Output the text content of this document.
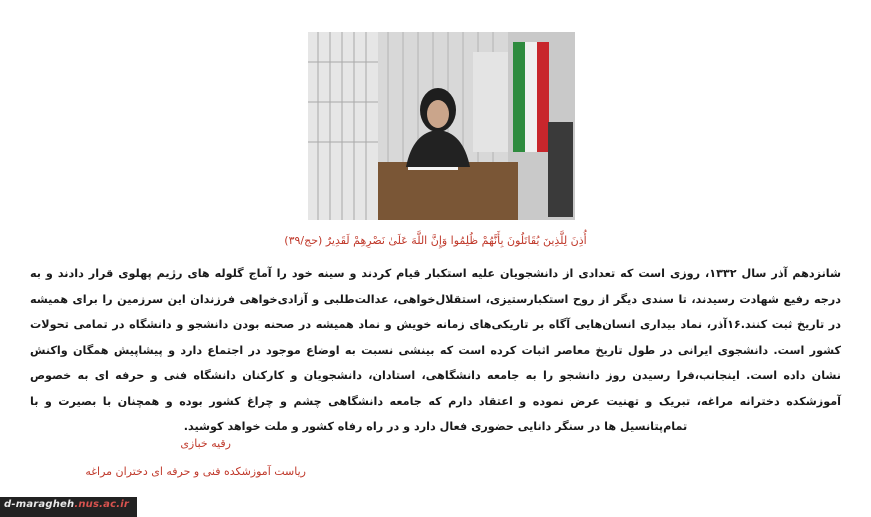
أُذِنَ لِلَّذِينَ يُقَاتَلُونَ بِأَنَّهُمْ ظُلِمُوا وَإِنَّ اللَّهَ عَلَىٰ نَصْرِهِمْ لَقَدِيرٌ (حج/۳۹)
شانزدهم آذر سال ۱۳۳۲، روزی است که تعدادی از دانشجویان علیه استکبار قیام کردند و سینه خود را آماج گلوله های رژیم پهلوی قرار دادند و به درجه رفیع شهادت رسیدند، تا سندی دیگر از روح استکبارستیزی، استقلال‌خواهی، عدالت‌طلبی و آزادی‌خواهی فرزندان این سرزمین را برای همیشه در تاریخ ثبت کنند.۱۶آذر، نماد بیداری انسان‌هایی آگاه بر تاریکی‌های زمانه خویش و نماد همیشه در صحنه بودن دانشجو و دانشگاه در تمامی تحولات کشور است. دانشجوی ایرانی در طول تاریخ معاصر اثبات کرده است که بینشی نسبت به اوضاع موجود در اجتماع دارد و پیشاپیش همگان واکنش نشان داده است. اینجانب،فرا رسیدن روز دانشجو را به جامعه دانشگاهی، استادان، دانشجویان و کارکنان دانشگاه فنی و حرفه ای به خصوص آموزشکده دخترانه مراغه، تبریک و تهنیت عرض نموده و اعتقاد دارم که جامعه دانشگاهی چشم و چراغ کشور بوده و همچنان با بصیرت و با تمام‌پتانسیل ها در سنگر دانایی حضوری فعال دارد و در راه رفاه کشور و ملت خواهد کوشید.
رقیه خبازی
ریاست آموزشکده فنی و حرفه ای دختران مراغه
d-maragheh.nus.ac.ir
